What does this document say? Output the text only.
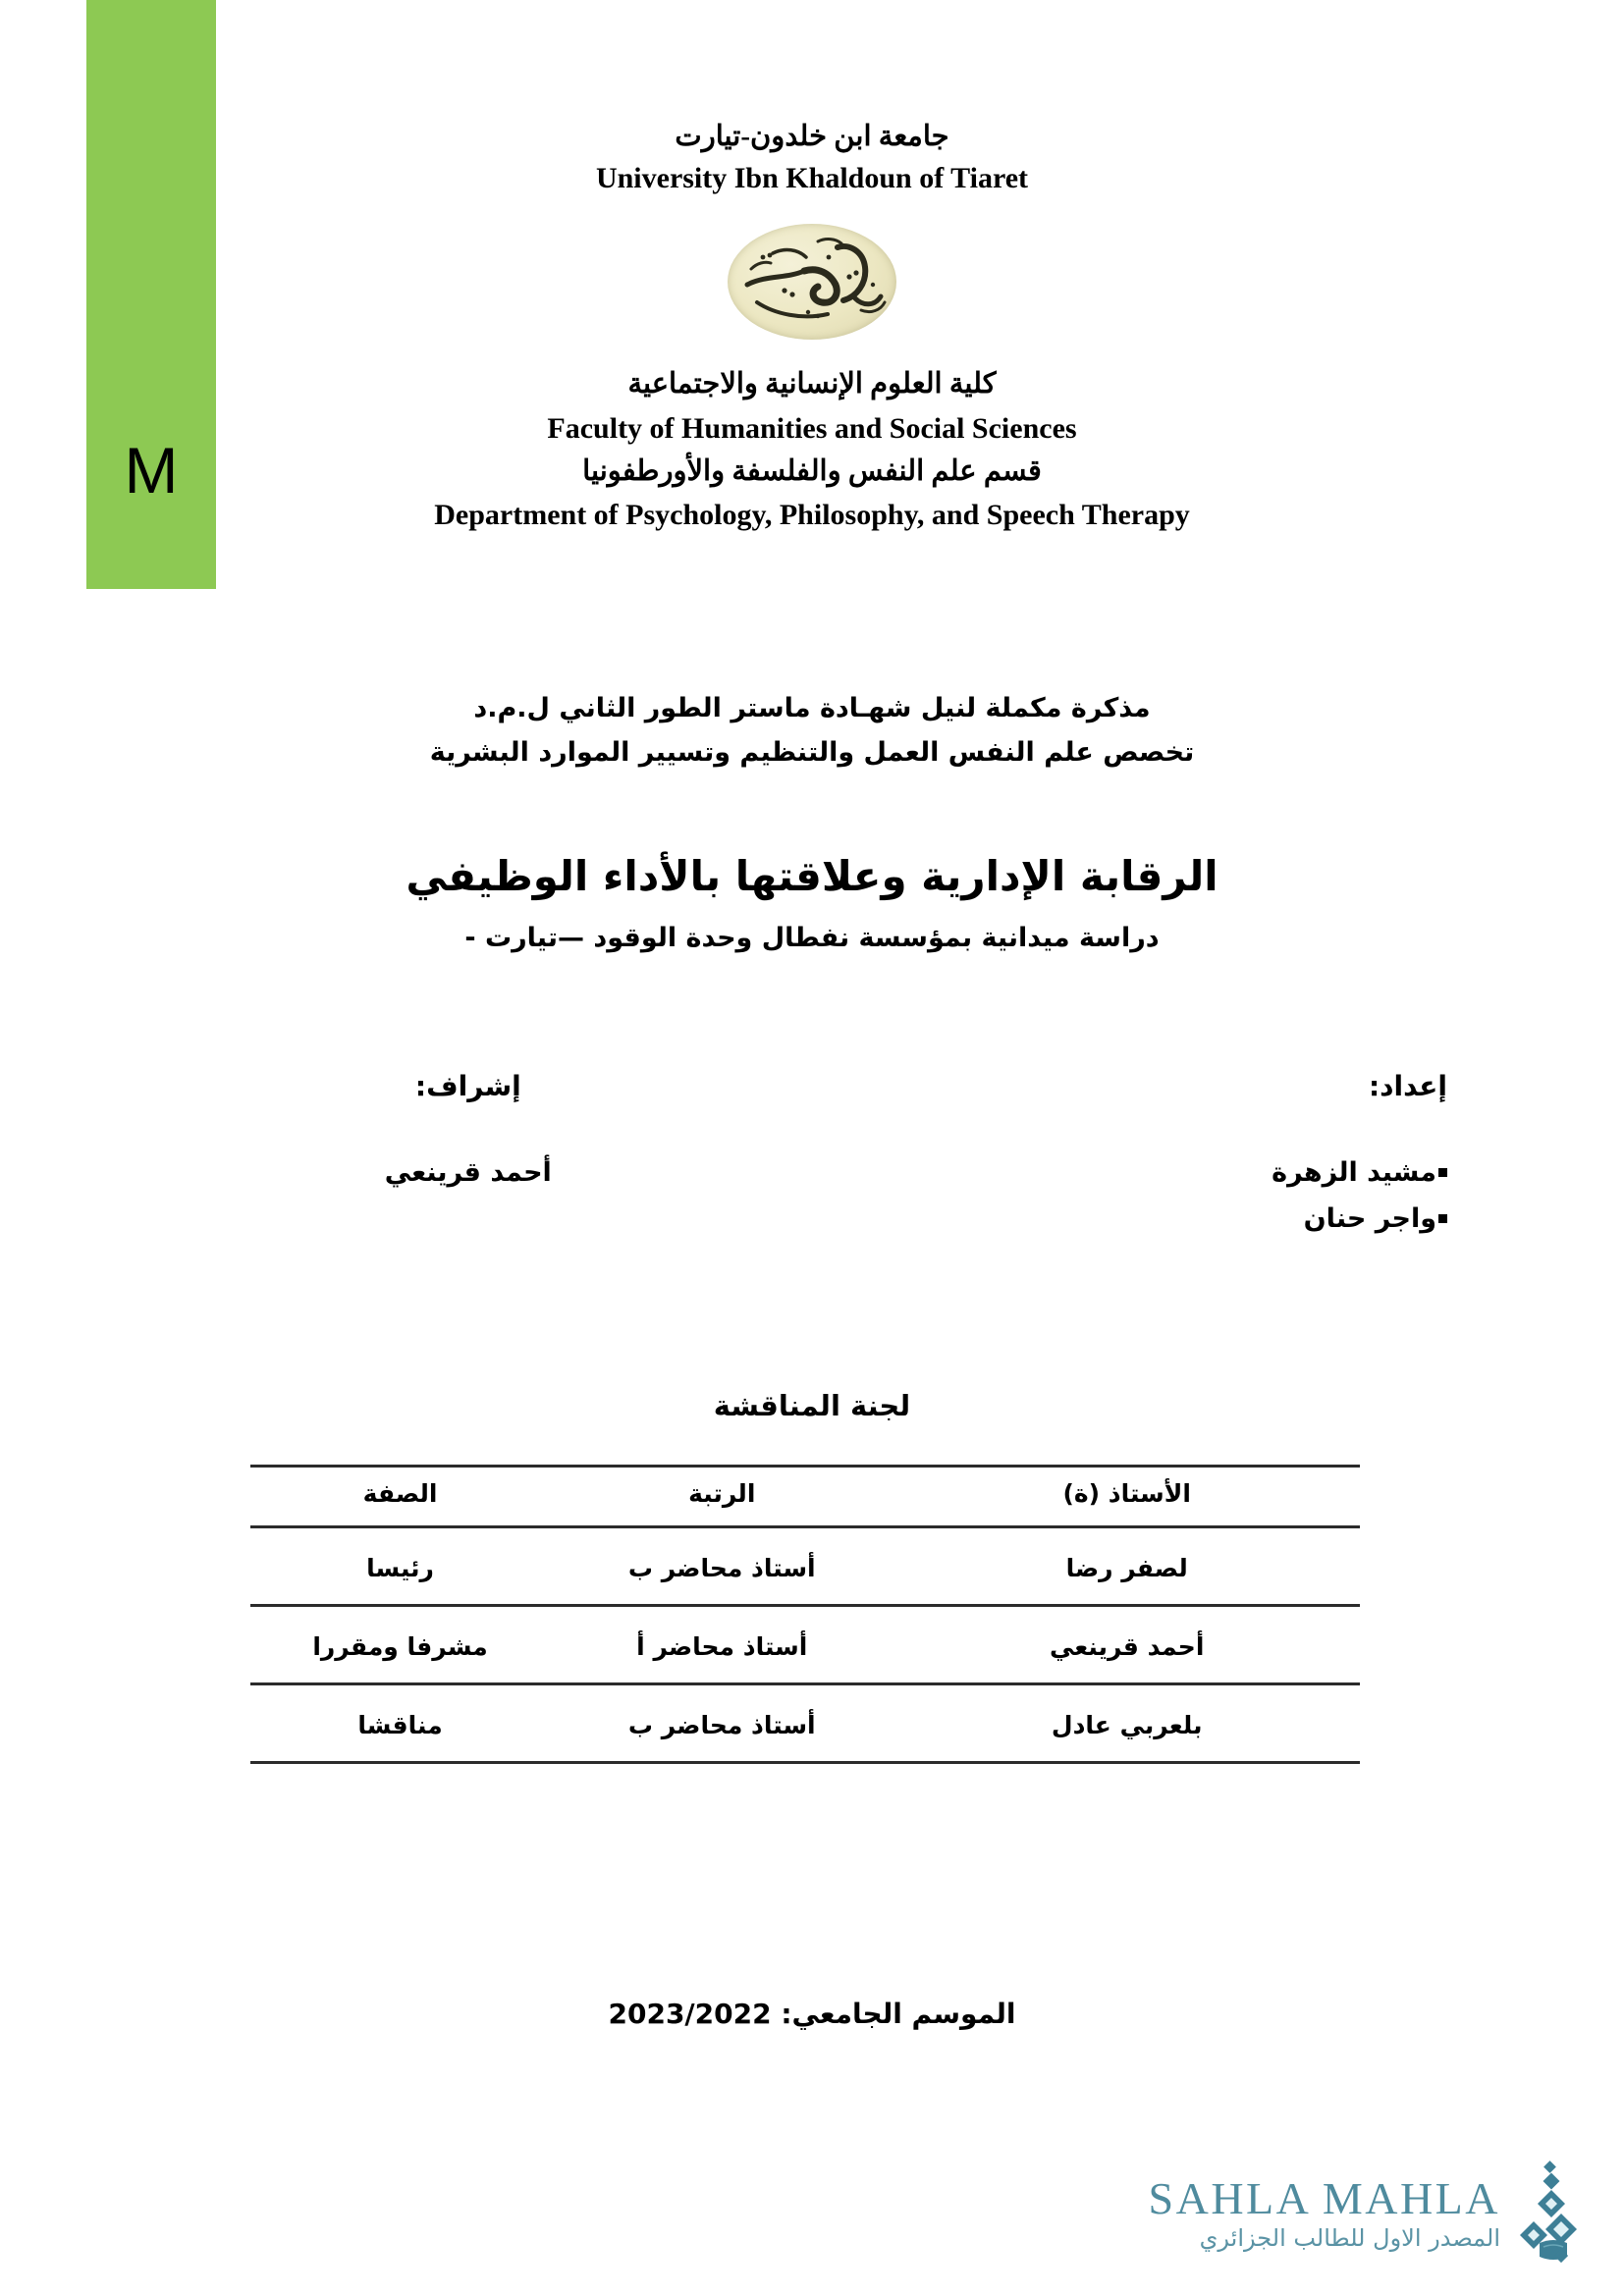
M
جامعة ابن خلدون-تيارت
University Ibn Khaldoun of Tiaret
كلية العلوم الإنسانية والاجتماعية
Faculty of Humanities and Social Sciences
قسم علم النفس والفلسفة والأورطفونيا
Department of Psychology, Philosophy, and Speech Therapy
مذكرة مكملة لنيل شهـادة ماستر الطور الثاني ل.م.د
تخصص علم النفس العمل والتنظيم وتسيير الموارد البشرية
الرقابة الإدارية وعلاقتها بالأداء الوظيفي
دراسة ميدانية بمؤسسة نفطال وحدة الوقود —تيارت -
إعداد:
مشيد الزهرة
واجر حنان
إشراف:
أحمد قرينعي
لجنة المناقشة
الأستاذ (ة)	الرتبة	الصفة
لصفر رضا	أستاذ محاضر ب	رئيسا
أحمد قرينعي	أستاذ محاضر أ	مشرفا ومقررا
بلعربي عادل	أستاذ محاضر ب	مناقشا
الموسم الجامعي: 2023/2022
SAHLA MAHLA
المصدر الاول للطالب الجزائري
